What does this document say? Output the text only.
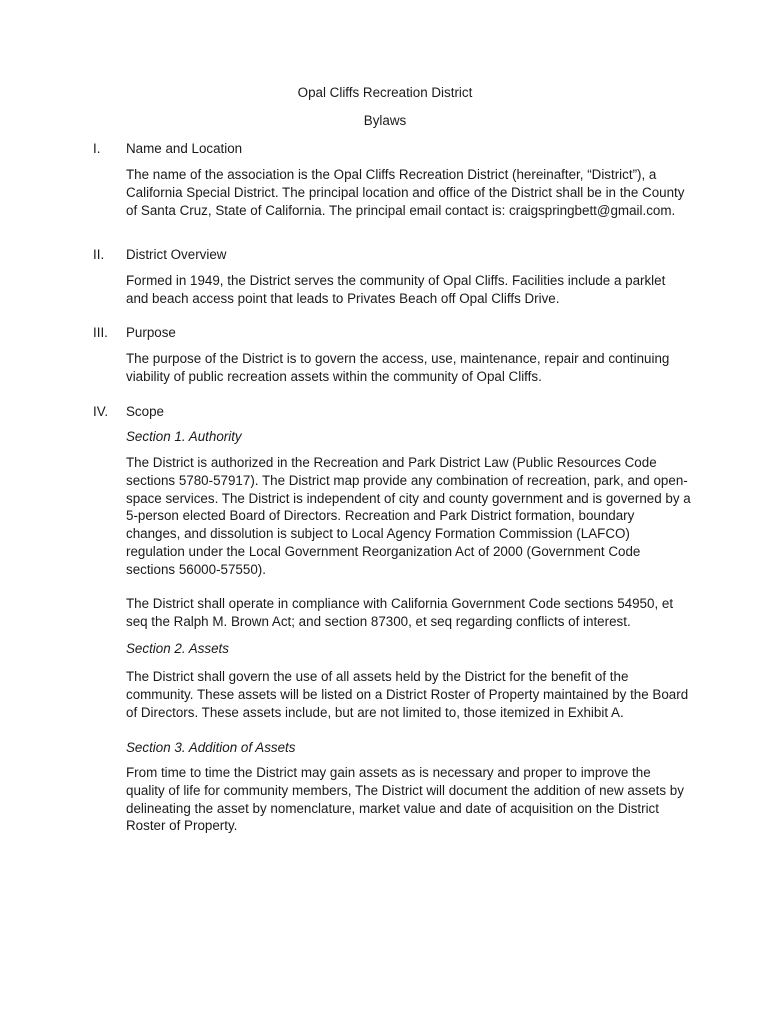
Opal Cliffs Recreation District
Bylaws
I.	Name and Location
The name of the association is the Opal Cliffs Recreation District (hereinafter, “District”), a California Special District. The principal location and office of the District shall be in the County of Santa Cruz, State of California. The principal email contact is: craigspringbett@gmail.com.
II.	District Overview
Formed in 1949, the District serves the community of Opal Cliffs. Facilities include a parklet and beach access point that leads to Privates Beach off Opal Cliffs Drive.
III.	Purpose
The purpose of the District is to govern the access, use, maintenance, repair and continuing viability of public recreation assets within the community of Opal Cliffs.
IV.	Scope
Section 1. Authority
The District is authorized in the Recreation and Park District Law (Public Resources Code sections 5780-57917). The District map provide any combination of recreation, park, and open-space services. The District is independent of city and county government and is governed by a 5-person elected Board of Directors. Recreation and Park District formation, boundary changes, and dissolution is subject to Local Agency Formation Commission (LAFCO) regulation under the Local Government Reorganization Act of 2000 (Government Code sections 56000-57550).
The District shall operate in compliance with California Government Code sections 54950, et seq the Ralph M. Brown Act; and section 87300, et seq regarding conflicts of interest.
Section 2. Assets
The District shall govern the use of all assets held by the District for the benefit of the community. These assets will be listed on a District Roster of Property maintained by the Board of Directors. These assets include, but are not limited to, those itemized in Exhibit A.
Section 3. Addition of Assets
From time to time the District may gain assets as is necessary and proper to improve the quality of life for community members, The District will document the addition of new assets by delineating the asset by nomenclature, market value and date of acquisition on the District Roster of Property.
